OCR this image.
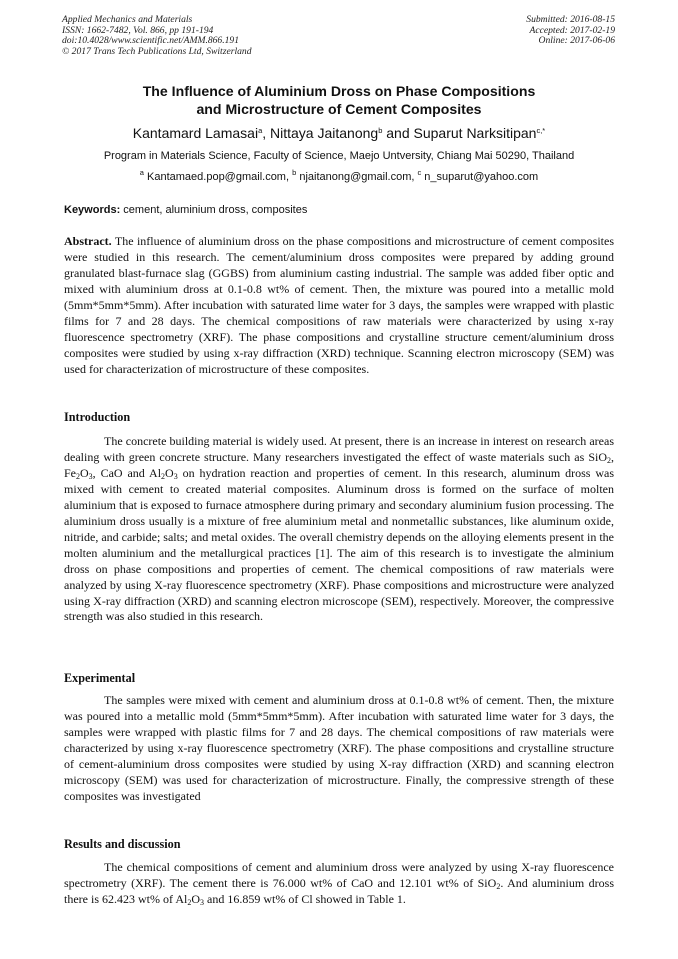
Applied Mechanics and Materials
ISSN: 1662-7482, Vol. 866, pp 191-194
doi:10.4028/www.scientific.net/AMM.866.191
© 2017 Trans Tech Publications Ltd, Switzerland
Submitted: 2016-08-15
Accepted: 2017-02-19
Online: 2017-06-06
The Influence of Aluminium Dross on Phase Compositions
and Microstructure of Cement Composites
Kantamard Lamasai$^a$, Nittaya Jaitanong$^b$ and Suparut Narksitipan$^{c,*}$
Program in Materials Science, Faculty of Science, Maejo Untversity, Chiang Mai 50290, Thailand
$^a$ Kantamaed.pop@gmail.com, $^b$ njaitanong@gmail.com, $^c$ n_suparut@yahoo.com
Keywords: cement, aluminium dross, composites

Abstract. The influence of aluminium dross on the phase compositions and microstructure of cement composites were studied in this research. The cement/aluminium dross composites were prepared by adding ground granulated blast-furnace slag (GGBS) from aluminium casting industrial. The sample was added fiber optic and mixed with aluminium dross at 0.1-0.8 wt% of cement. Then, the mixture was poured into a metallic mold (5mm*5mm*5mm). After incubation with saturated lime water for 3 days, the samples were wrapped with plastic films for 7 and 28 days. The chemical compositions of raw materials were characterized by using x-ray fluorescence spectrometry (XRF). The phase compositions and crystalline structure cement/aluminium dross composites were studied by using x-ray diffraction (XRD) technique. Scanning electron microscopy (SEM) was used for characterization of microstructure of these composites.

Introduction

The concrete building material is widely used. At present, there is an increase in interest on research areas dealing with green concrete structure. Many researchers investigated the effect of waste materials such as SiO$_2$, $Fe_2O_3$, CaO and $Al_2O_3$ on hydration reaction and properties of cement. In this research, aluminum dross was mixed with cement to created material composites. Aluminum dross is formed on the surface of molten aluminium that is exposed to furnace atmosphere during primary and secondary aluminium fusion processing. The aluminium dross usually is a mixture of free aluminium metal and nonmetallic substances, like aluminum oxide, nitride, and carbide; salts; and metal oxides. The overall chemistry depends on the alloying elements present in the molten aluminium and the metallurgical practices [1]. The aim of this research is to investigate the alminium dross on phase compositions and properties of cement. The chemical compositions of raw materials were analyzed by using X-ray fluorescence spectrometry (XRF). Phase compositions and microstructure were analyzed using X-ray diffraction (XRD) and scanning electron microscope (SEM), respectively. Moreover, the compressive strength was also studied in this research.

Experimental

The samples were mixed with cement and aluminium dross at 0.1-0.8 wt% of cement. Then, the mixture was poured into a metallic mold (5mm*5mm*5mm). After incubation with saturated lime water for 3 days, the samples were wrapped with plastic films for 7 and 28 days. The chemical compositions of raw materials were characterized by using x-ray fluorescence spectrometry (XRF). The phase compositions and crystalline structure of cement-aluminium dross composites were studied by using X-ray diffraction (XRD) and scanning electron microscopy (SEM) was used for characterization of microstructure. Finally, the compressive strength of these composites was investigated

Results and discussion

The chemical compositions of cement and aluminium dross were analyzed by using X-ray fluorescence spectrometry (XRF). The cement there is 76.000 wt% of CaO and 12.101 wt% of SiO$_2$. And aluminium dross there is 62.423 wt% of $Al_2O_3$ and 16.859 wt% of Cl showed in Table 1.
